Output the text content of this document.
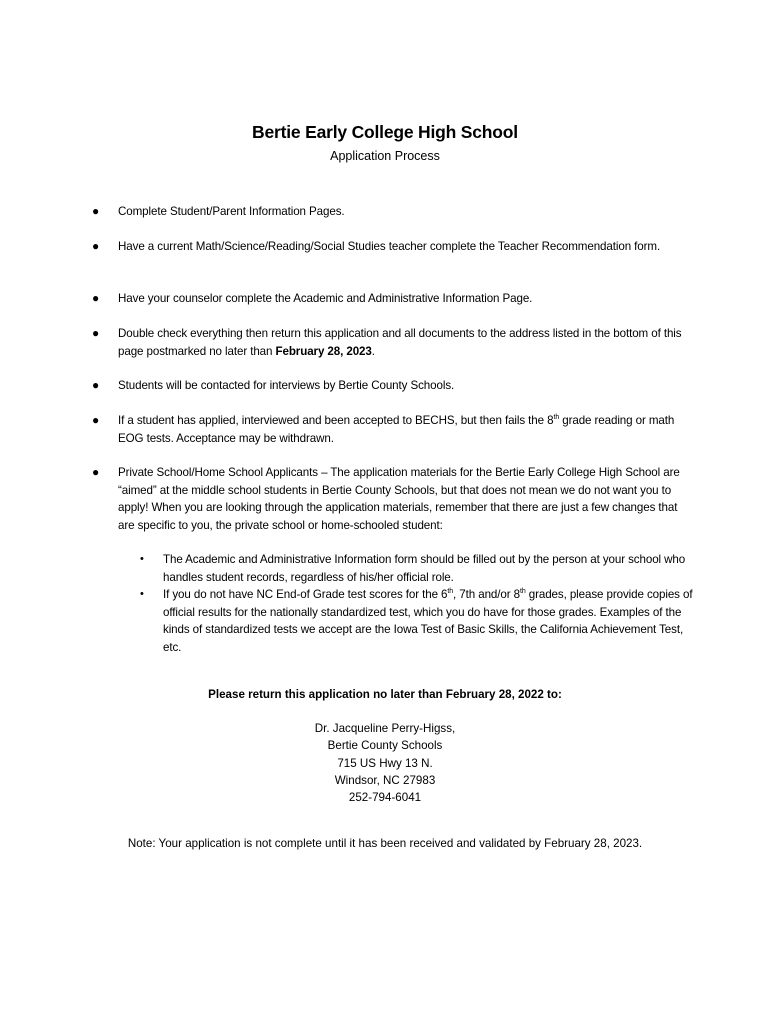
Bertie Early College High School
Application Process
● Complete Student/Parent Information Pages.
● Have a current Math/Science/Reading/Social Studies teacher complete the Teacher Recommendation form.
● Have your counselor complete the Academic and Administrative Information Page.
● Double check everything then return this application and all documents to the address listed in the bottom of this page postmarked no later than February 28, 2023.
● Students will be contacted for interviews by Bertie County Schools.
● If a student has applied, interviewed and been accepted to BECHS, but then fails the 8th grade reading or math EOG tests. Acceptance may be withdrawn.
● Private School/Home School Applicants – The application materials for the Bertie Early College High School are “aimed” at the middle school students in Bertie County Schools, but that does not mean we do not want you to apply! When you are looking through the application materials, remember that there are just a few changes that are specific to you, the private school or home-schooled student:
• The Academic and Administrative Information form should be filled out by the person at your school who handles student records, regardless of his/her official role.
• If you do not have NC End-of Grade test scores for the 6th, 7th and/or 8th grades, please provide copies of official results for the nationally standardized test, which you do have for those grades. Examples of the kinds of standardized tests we accept are the Iowa Test of Basic Skills, the California Achievement Test, etc.
Please return this application no later than February 28, 2022 to:
Dr. Jacqueline Perry-Higss,
Bertie County Schools
715 US Hwy 13 N.
Windsor, NC 27983
252-794-6041
Note: Your application is not complete until it has been received and validated by February 28, 2023.
